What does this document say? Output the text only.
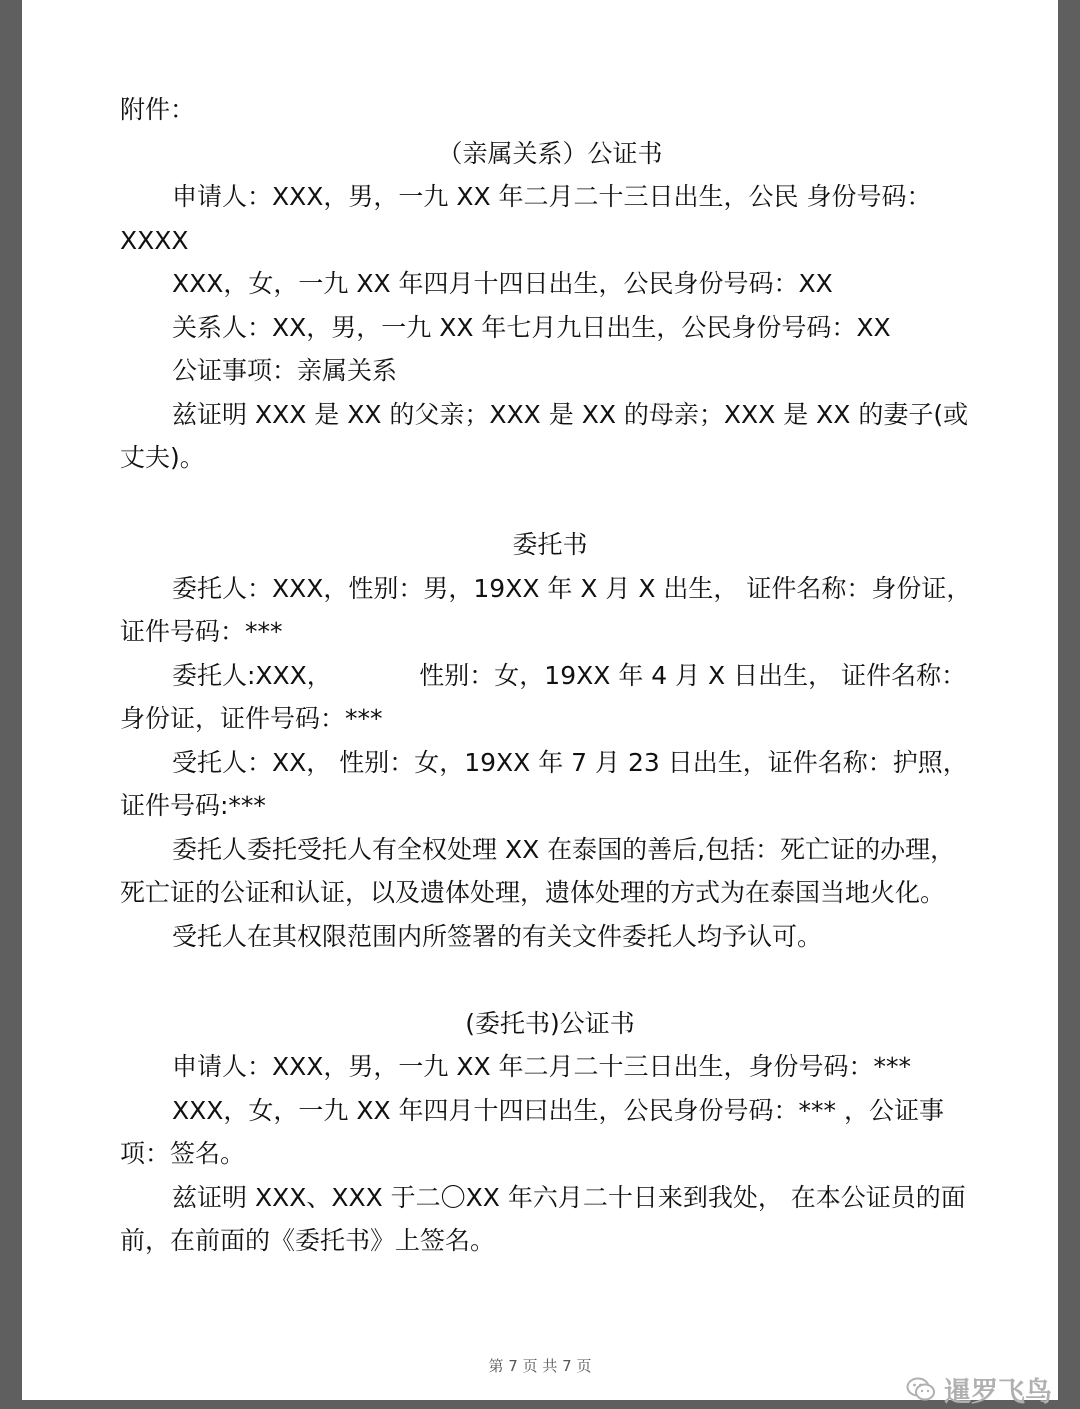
附件：

（亲属关系）公证书

申请人：XXX，男，一九 XX 年二月二十三日出生，公民 身份号码：XXXX

XXX，女，一九 XX 年四月十四日出生，公民身份号码：XX

关系人：XX，男，一九 XX 年七月九日出生，公民身份号码：XX

公证事项：亲属关系

兹证明 XXX 是 XX 的父亲；XXX 是 XX 的母亲；XXX 是 XX 的妻子(或丈夫)。

委托书

委托人：XXX，性别：男，19XX 年 X 月 X 出生， 证件名称：身份证，证件号码：***

委托人:XXX，　　　　性别：女，19XX 年 4 月 X 日出生， 证件名称：身份证，证件号码：***

受托人：XX， 性别：女，19XX 年 7 月 23 日出生，证件名称：护照，证件号码:***

委托人委托受托人有全权处理 XX 在泰国的善后,包括：死亡证的办理，死亡证的公证和认证，以及遗体处理，遗体处理的方式为在泰国当地火化。

受托人在其权限范围内所签署的有关文件委托人均予认可。

(委托书)公证书

申请人：XXX，男，一九 XX 年二月二十三日出生，身份号码：***

XXX，女，一九 XX 年四月十四曰出生，公民身份号码：*** ，公证事项：签名。

兹证明 XXX、XXX 于二〇XX 年六月二十日来到我处， 在本公证员的面前，在前面的《委托书》上签名。

第 7 页 共 7 页
暹罗飞鸟
